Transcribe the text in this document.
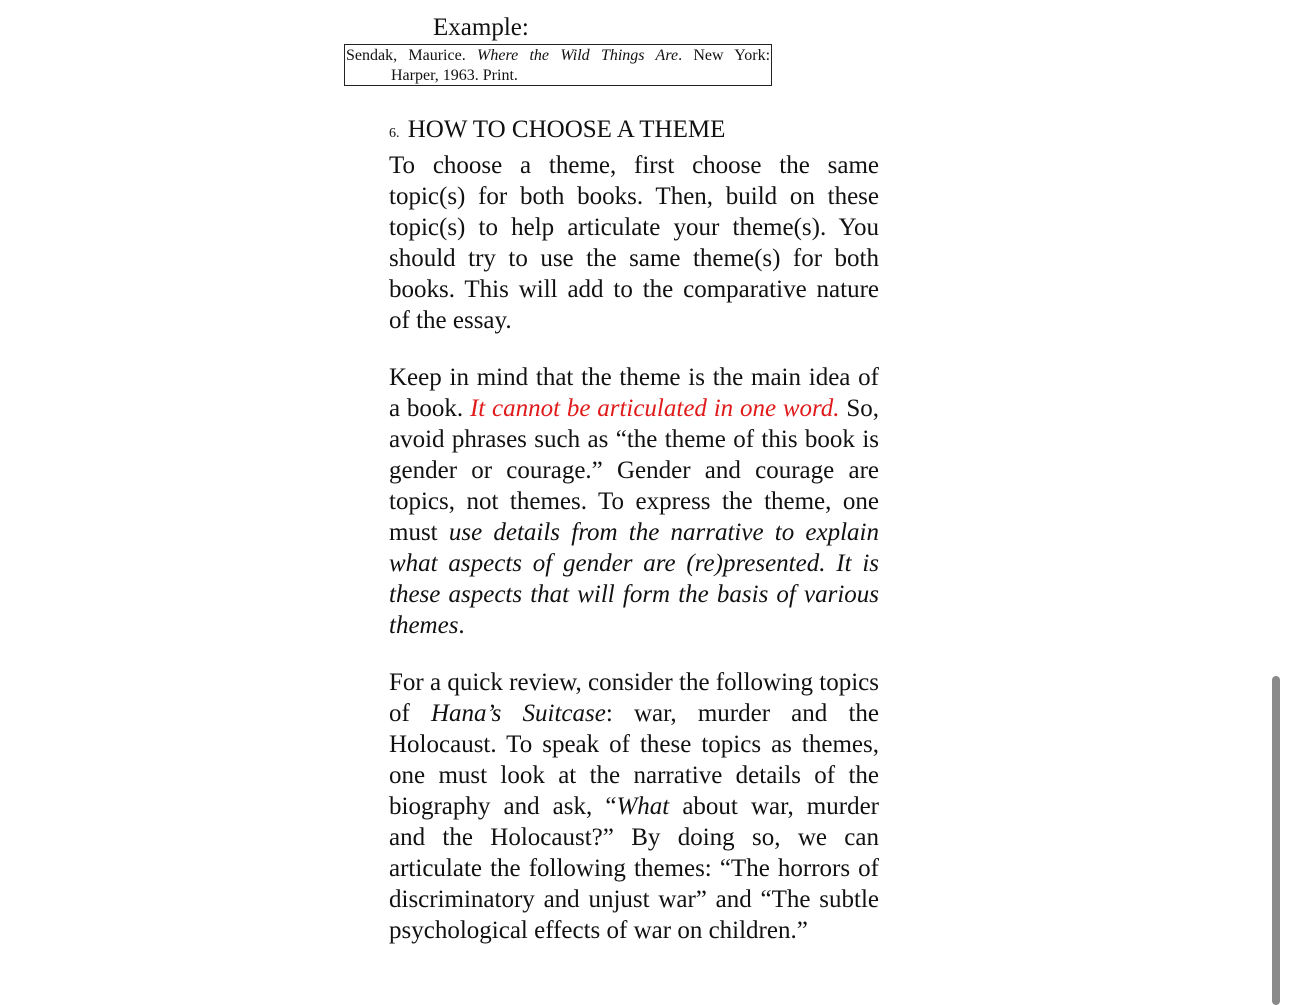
Example:
Sendak, Maurice. Where the Wild Things Are. New York:
Harper, 1963. Print.
6. HOW TO CHOOSE A THEME

To choose a theme, first choose the same topic(s) for both books. Then, build on these topic(s) to help articulate your theme(s). You should try to use the same theme(s) for both books. This will add to the comparative nature of the essay.

Keep in mind that the theme is the main idea of a book. It cannot be articulated in one word. So, avoid phrases such as “the theme of this book is gender or courage.” Gender and courage are topics, not themes. To express the theme, one must use details from the narrative to explain what aspects of gender are (re)presented. It is these aspects that will form the basis of various themes.

For a quick review, consider the following topics of Hana’s Suitcase: war, murder and the Holocaust. To speak of these topics as themes, one must look at the narrative details of the biography and ask, “What about war, murder and the Holocaust?” By doing so, we can articulate the following themes: “The horrors of discriminatory and unjust war” and “The subtle psychological effects of war on children.”
